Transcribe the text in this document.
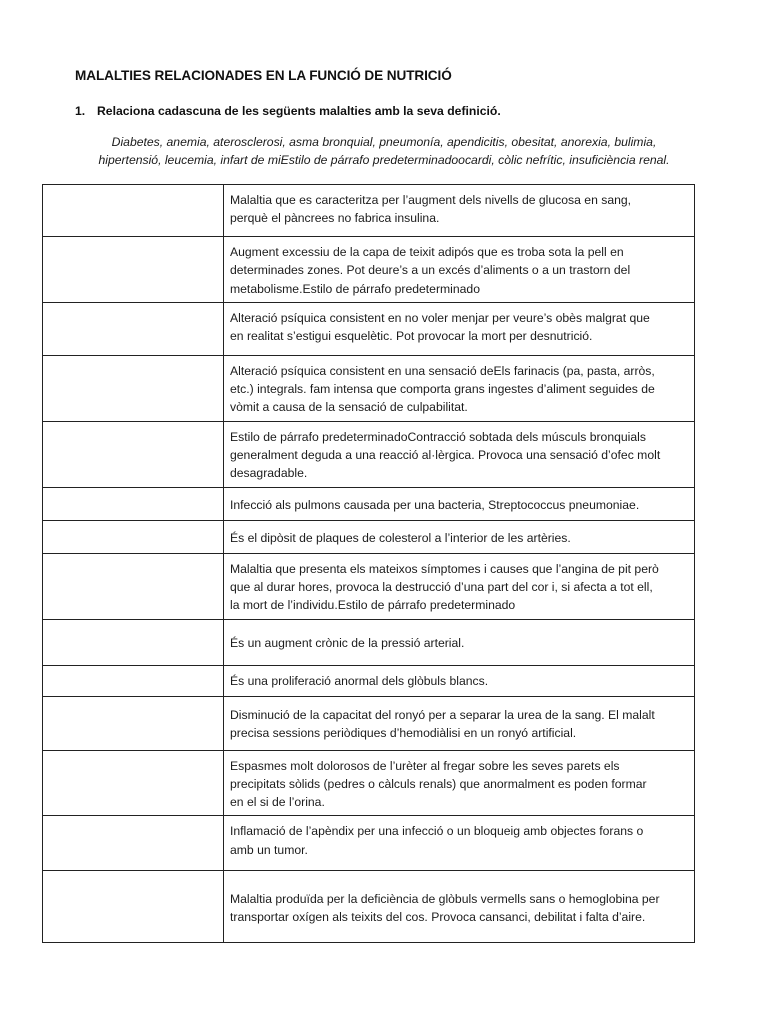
MALALTIES RELACIONADES EN LA FUNCIÓ DE NUTRICIÓ

1. Relaciona cadascuna de les següents malalties amb la seva definició.

Diabetes, anemia, aterosclerosi, asma bronquial, pneumonía, apendicitis, obesitat, anorexia, bulimia,
hipertensió, leucemia, infart de miEstilo de párrafo predeterminadoocardi, còlic nefrític, insuficiència renal.

	Malaltia que es caracteritza per l’augment dels nivells de glucosa en sang,
perquè el pàncrees no fabrica insulina.

	Augment excessiu de la capa de teixit adipós que es troba sota la pell en
determinades zones. Pot deure’s a un excés d’aliments o a un trastorn del
metabolisme.Estilo de párrafo predeterminado

	Alteració psíquica consistent en no voler menjar per veure’s obès malgrat que
en realitat s’estigui esquelètic. Pot provocar la mort per desnutrició.

	Alteració psíquica consistent en una sensació deEls farinacis (pa, pasta, arròs,
etc.) integrals. fam intensa que comporta grans ingestes d’aliment seguides de
vòmit a causa de la sensació de culpabilitat.

	Estilo de párrafo predeterminadoContracció sobtada dels músculs bronquials
generalment deguda a una reacció al·lèrgica. Provoca una sensació d’ofec molt
desagradable.

	Infecció als pulmons causada per una bacteria, Streptococcus pneumoniae.

	És el dipòsit de plaques de colesterol a l’interior de les artèries.

	Malaltia que presenta els mateixos símptomes i causes que l’angina de pit però
que al durar hores, provoca la destrucció d’una part del cor i, si afecta a tot ell,
la mort de l’individu.Estilo de párrafo predeterminado

	És un augment crònic de la pressió arterial.

	És una proliferació anormal dels glòbuls blancs.

	Disminució de la capacitat del ronyó per a separar la urea de la sang. El malalt
precisa sessions periòdiques d’hemodiàlisi en un ronyó artificial.

	Espasmes molt dolorosos de l’urèter al fregar sobre les seves parets els
precipitats sòlids (pedres o càlculs renals) que anormalment es poden formar
en el si de l’orina.

	Inflamació de l’apèndix per una infecció o un bloqueig amb objectes forans o
amb un tumor.

	Malaltia produïda per la deficiència de glòbuls vermells sans o hemoglobina per
transportar oxígen als teixits del cos. Provoca cansanci, debilitat i falta d’aire.
